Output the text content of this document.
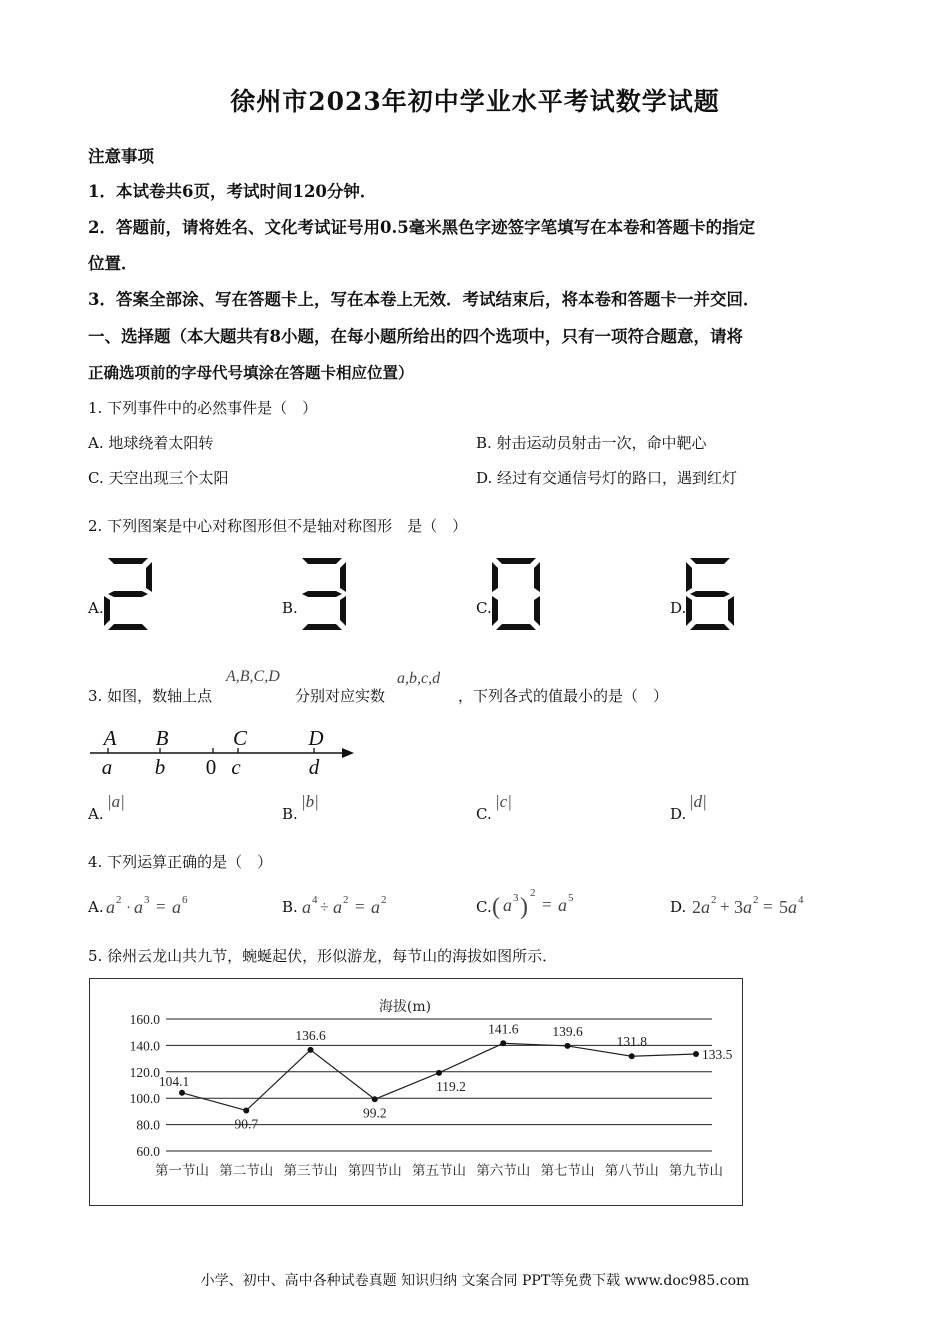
徐州市2023年初中学业水平考试数学试题
注意事项
1．本试卷共6页，考试时间120分钟．
2．答题前，请将姓名、文化考试证号用0.5毫米黑色字迹签字笔填写在本卷和答题卡的指定
位置．
3．答案全部涂、写在答题卡上，写在本卷上无效．考试结束后，将本卷和答题卡一并交回．
一、选择题（本大题共有8小题，在每小题所给出的四个选项中，只有一项符合题意，请将
正确选项前的字母代号填涂在答题卡相应位置）
1. 下列事件中的必然事件是（　）
A. 地球绕着太阳转	B. 射击运动员射击一次，命中靶心
C. 天空出现三个太阳	D. 经过有交通信号灯的路口，遇到红灯
2. 下列图案是中心对称图形但不是轴对称图形　是（　）
A.	B.	C.	D.
3. 如图，数轴上点
A,B,C,D
分别对应实数
a,b,c,d
，下列各式的值最小的是（　）
A B	C	D
a b 0 c	d
A.
|a|
B.
|b|
C.
|c|
D.
|d|
4. 下列运算正确的是（　）
A. a 2 · a 3 = a 6	B. a 4 ÷ a 2 = a 2	C. ( a 3 )
2
= a 5	D. 2 a 2 + 3 a 2 = 5 a 4
5. 徐州云龙山共九节，蜿蜒起伏，形似游龙，每节山的海拔如图所示．
海拔(m)
60.0
80.0
100.0
120.0
140.0
160.0
104.1
90.7
136.6
99.2
119.2
141.6	139.6
131.8
133.5
第一节山 第二节山 第三节山 第四节山 第五节山 第六节山 第七节山 第八节山 第九节山
小学、初中、高中各种试卷真题 知识归纳 文案合同 PPT等免费下载 www.doc985.com
